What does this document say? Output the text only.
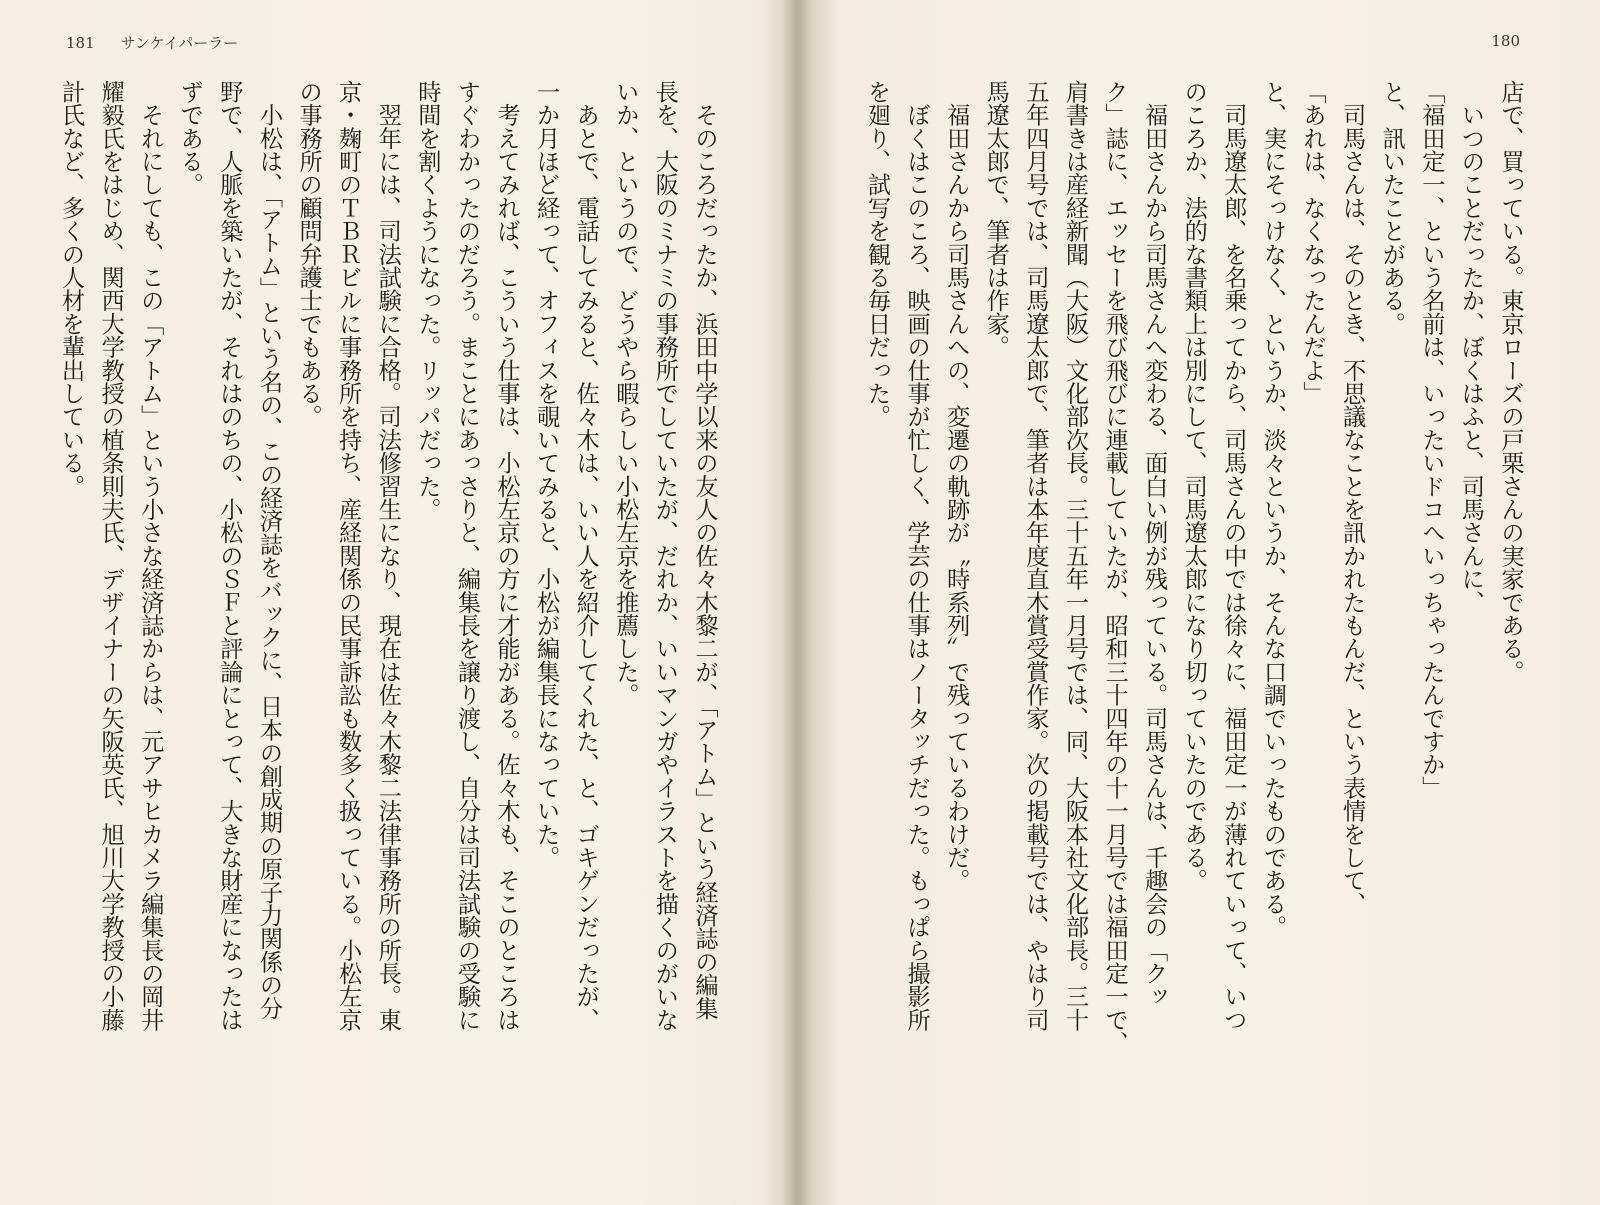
181 サンケイパーラー
　そのころだったか、浜田中学以来の友人の佐々木黎二が、「アトム」という経済誌の編集
長を、大阪のミナミの事務所でしていたが、だれか、いいマンガやイラストを描くのがいな
いか、というので、どうやら暇らしい小松左京を推薦した。
　あとで、電話してみると、佐々木は、いい人を紹介してくれた、と、ゴキゲンだったが、
一か月ほど経って、オフィスを覗いてみると、小松が編集長になっていた。
　考えてみれば、こういう仕事は、小松左京の方に才能がある。佐々木も、そこのところは
すぐわかったのだろう。まことにあっさりと、編集長を譲り渡し、自分は司法試験の受験に
時間を割くようになった。リッパだった。
　翌年には、司法試験に合格。司法修習生になり、現在は佐々木黎二法律事務所の所長。東
京・麹町のＴＢＲビルに事務所を持ち、産経関係の民事訴訟も数多く扱っている。小松左京
の事務所の顧問弁護士でもある。
　小松は、「アトム」という名の、この経済誌をバックに、日本の創成期の原子力関係の分
野で、人脈を築いたが、それはのちの、小松のＳＦと評論にとって、大きな財産になったは
ずである。
　それにしても、この「アトム」という小さな経済誌からは、元アサヒカメラ編集長の岡井
耀毅氏をはじめ、関西大学教授の植条則夫氏、デザイナーの矢阪英氏、旭川大学教授の小藤
計氏など、多くの人材を輩出している。
180
店で、買っている。東京ローズの戸栗さんの実家である。
　いつのことだったか、ぼくはふと、司馬さんに、
「福田定一、という名前は、いったいドコへいっちゃったんですか」
と、訊いたことがある。
　司馬さんは、そのとき、不思議なことを訊かれたもんだ、という表情をして、
「あれは、なくなったんだよ」
と、実にそっけなく、というか、淡々というか、そんな口調でいったものである。
　司馬遼太郎、を名乗ってから、司馬さんの中では徐々に、福田定一が薄れていって、いつ
のころか、法的な書類上は別にして、司馬遼太郎になり切っていたのである。
　福田さんから司馬さんへ変わる、面白い例が残っている。司馬さんは、千趣会の「クッ
ク」誌に、エッセーを飛び飛びに連載していたが、昭和三十四年の十一月号では福田定一で、
肩書きは産経新聞（大阪）文化部次長。三十五年一月号では、同、大阪本社文化部長。三十
五年四月号では、司馬遼太郎で、筆者は本年度直木賞受賞作家。次の掲載号では、やはり司
馬遼太郎で、筆者は作家。
　福田さんから司馬さんへの、変遷の軌跡が〝時系列〟で残っているわけだ。
　ぼくはこのころ、映画の仕事が忙しく、学芸の仕事はノータッチだった。もっぱら撮影所
を廻り、試写を観る毎日だった。
